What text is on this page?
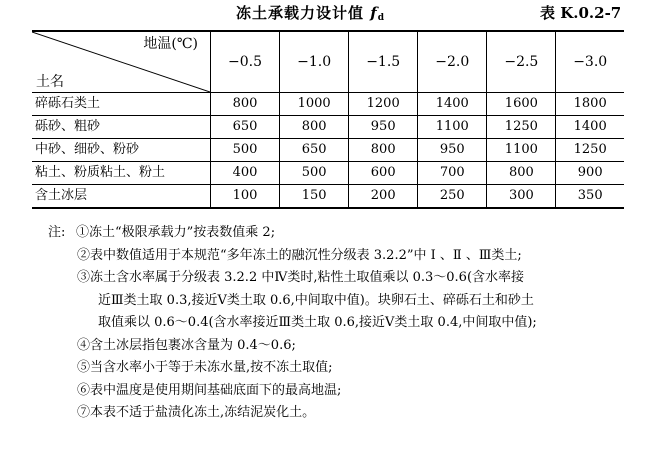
冻土承载力设计值 $f_d$	表 K.0.2-7
地温(℃)
土名	−0.5	−1.0	−1.5	−2.0	−2.5	−3.0
碎砾石类土	800	1000	1200	1400	1600	1800
砾砂、粗砂	650	800	950	1100	1250	1400
中砂、细砂、粉砂	500	650	800	950	1100	1250
粘土、粉质粘土、粉土	400	500	600	700	800	900
含土冰层	100	150	200	250	300	350
注: ①冻土“极限承载力”按表数值乘 2;
②表中数值适用于本规范“多年冻土的融沉性分级表 3.2.2”中 Ⅰ 、Ⅱ 、Ⅲ类土;
③冻土含水率属于分级表 3.2.2 中Ⅳ类时,粘性土取值乘以 0.3～0.6(含水率接
近Ⅲ类土取 0.3,接近Ⅴ类土取 0.6,中间取中值)。块卵石土、碎砾石土和砂土
取值乘以 0.6～0.4(含水率接近Ⅲ类土取 0.6,接近Ⅴ类土取 0.4,中间取中值);
④含土冰层指包裹冰含量为 0.4～0.6;
⑤当含水率小于等于未冻水量,按不冻土取值;
⑥表中温度是使用期间基础底面下的最高地温;
⑦本表不适于盐渍化冻土,冻结泥炭化土。
